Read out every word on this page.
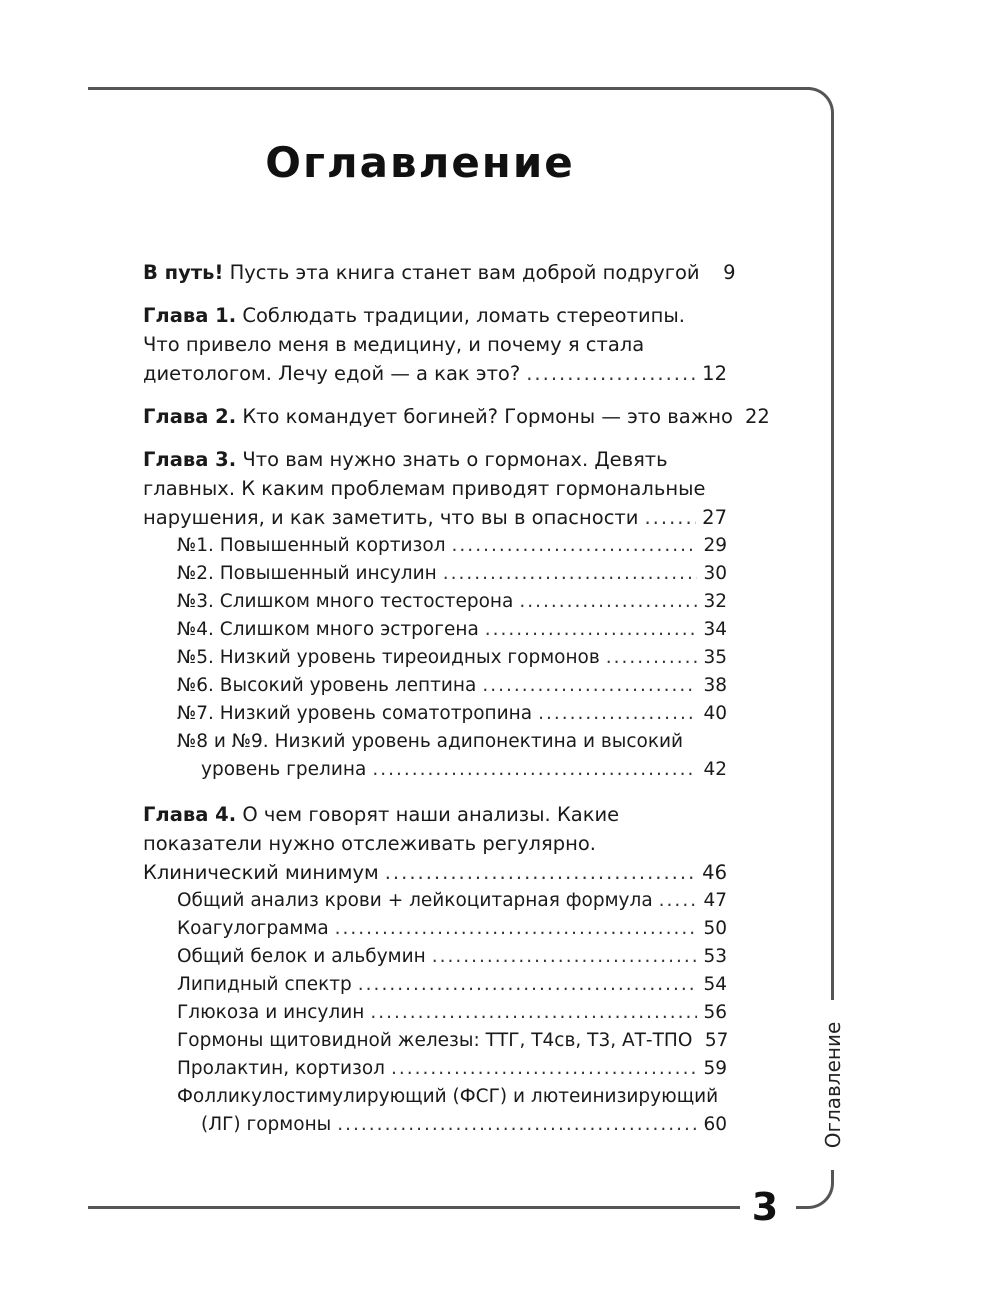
Оглавление
Оглавление
3
В путь! Пусть эта книга станет вам доброй подругой	9
Глава 1. Соблюдать традиции, ломать стереотипы.
Что привело меня в медицину, и почему я стала
диетологом. Лечу едой — а как это? .....	12
Глава 2. Кто командует богиней? Гормоны — это важно 22
Глава 3. Что вам нужно знать о гормонах. Девять
главных. К каким проблемам приводят гормональные
нарушения, и как заметить, что вы в опасности .....	27
№1. Повышенный кортизол .....	29
№2. Повышенный инсулин .....	30
№3. Слишком много тестостерона .....	32
№4. Слишком много эстрогена .....	34
№5. Низкий уровень тиреоидных гормонов .....	35
№6. Высокий уровень лептина .....	38
№7. Низкий уровень соматотропина .....	40
№8 и №9. Низкий уровень адипонектина и высокий
уровень грелина .....	42
Глава 4. О чем говорят наши анализы. Какие
показатели нужно отслеживать регулярно.
Клинический минимум .....	46
Общий анализ крови + лейкоцитарная формула .....	47
Коагулограмма .....	50
Общий белок и альбумин .....	53
Липидный спектр .....	54
Глюкоза и инсулин .....	56
Гормоны щитовидной железы: ТТГ, Т4св, Т3, АТ-ТПО 57
Пролактин, кортизол .....	59
Фолликулостимулирующий (ФСГ) и лютеинизирующий
(ЛГ) гормоны .....	60
